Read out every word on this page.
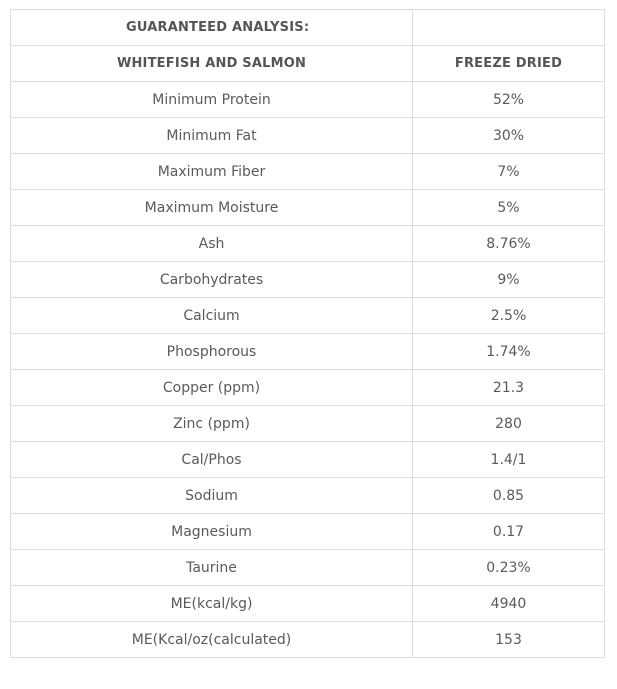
GUARANTEED ANALYSIS:	
WHITEFISH AND SALMON	FREEZE DRIED
Minimum Protein	52%
Minimum Fat	30%
Maximum Fiber	7%
Maximum Moisture	5%
Ash	8.76%
Carbohydrates	9%
Calcium	2.5%
Phosphorous	1.74%
Copper (ppm)	21.3
Zinc (ppm)	280
Cal/Phos	1.4/1
Sodium	0.85
Magnesium	0.17
Taurine	0.23%
ME(kcal/kg)	4940
ME(Kcal/oz(calculated)	153
